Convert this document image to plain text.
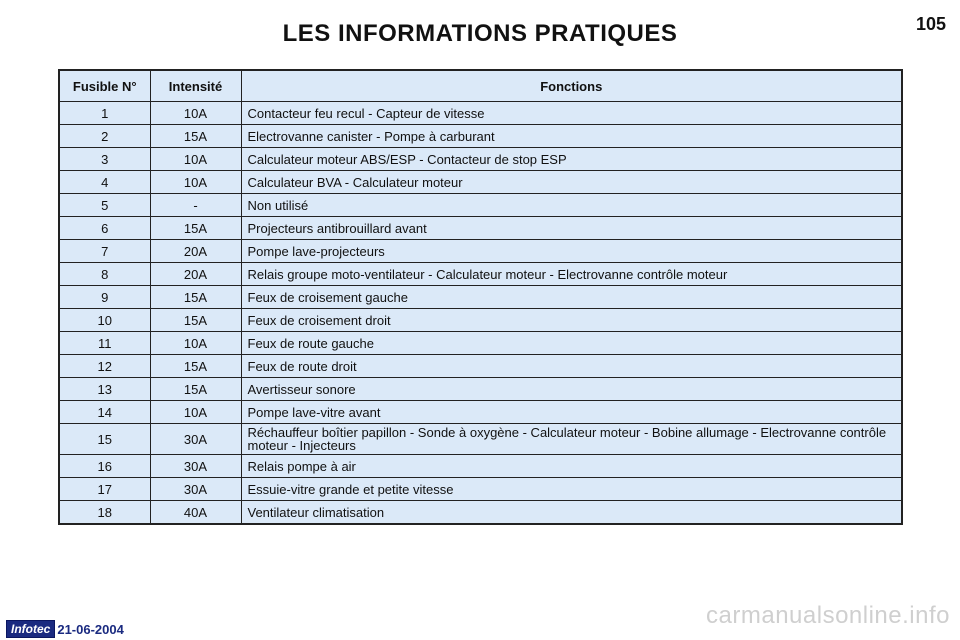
LES INFORMATIONS PRATIQUES	105
Fusible N°	Intensité	Fonctions
1	10A	Contacteur feu recul - Capteur de vitesse
2	15A	Electrovanne canister - Pompe à carburant
3	10A	Calculateur moteur ABS/ESP - Contacteur de stop ESP
4	10A	Calculateur BVA - Calculateur moteur
5	-	Non utilisé
6	15A	Projecteurs antibrouillard avant
7	20A	Pompe lave-projecteurs
8	20A	Relais groupe moto-ventilateur - Calculateur moteur - Electrovanne contrôle moteur
9	15A	Feux de croisement gauche
10	15A	Feux de croisement droit
11	10A	Feux de route gauche
12	15A	Feux de route droit
13	15A	Avertisseur sonore
14	10A	Pompe lave-vitre avant
15	30A	Réchauffeur boîtier papillon - Sonde à oxygène - Calculateur moteur - Bobine allumage - Electrovanne contrôle moteur - Injecteurs
16	30A	Relais pompe à air
17	30A	Essuie-vitre grande et petite vitesse
18	40A	Ventilateur climatisation
Infotec 21-06-2004	carmanualsonline.info
